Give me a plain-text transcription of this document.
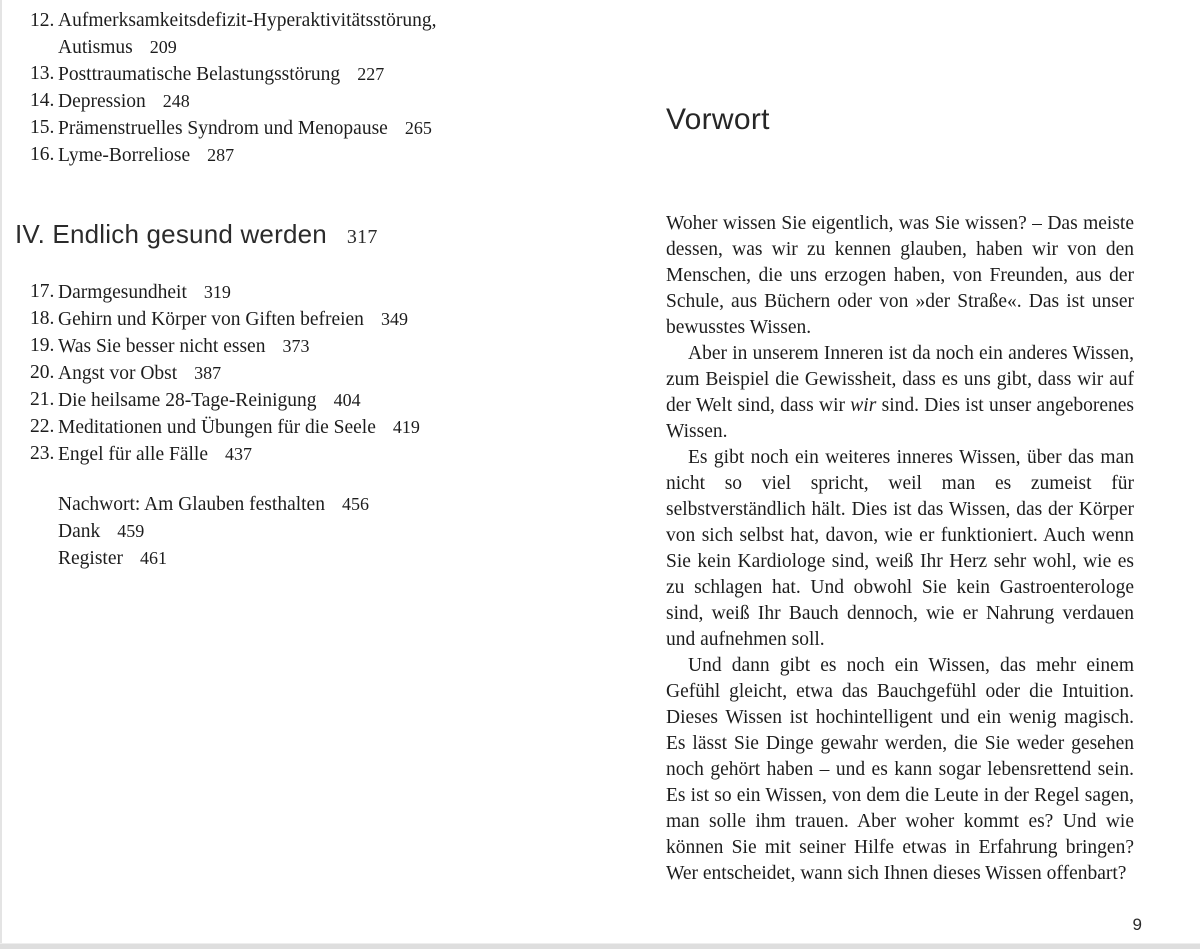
12. Aufmerksamkeitsdefizit-Hyperaktivitätsstörung, Autismus 209
13. Posttraumatische Belastungsstörung 227
14. Depression 248
15. Prämenstruelles Syndrom und Menopause 265
16. Lyme-Borreliose 287
IV. Endlich gesund werden 317
17. Darmgesundheit 319
18. Gehirn und Körper von Giften befreien 349
19. Was Sie besser nicht essen 373
20. Angst vor Obst 387
21. Die heilsame 28-Tage-Reinigung 404
22. Meditationen und Übungen für die Seele 419
23. Engel für alle Fälle 437
Nachwort: Am Glauben festhalten 456
Dank 459
Register 461
Vorwort

Woher wissen Sie eigentlich, was Sie wissen? – Das meiste dessen, was wir zu kennen glauben, haben wir von den Menschen, die uns erzogen haben, von Freunden, aus der Schule, aus Büchern oder von »der Straße«. Das ist unser bewusstes Wissen.

Aber in unserem Inneren ist da noch ein anderes Wissen, zum Beispiel die Gewissheit, dass es uns gibt, dass wir auf der Welt sind, dass wir wir sind. Dies ist unser angeborenes Wissen.

Es gibt noch ein weiteres inneres Wissen, über das man nicht so viel spricht, weil man es zumeist für selbstverständlich hält. Dies ist das Wissen, das der Körper von sich selbst hat, davon, wie er funktioniert. Auch wenn Sie kein Kardiologe sind, weiß Ihr Herz sehr wohl, wie es zu schlagen hat. Und obwohl Sie kein Gastroenterologe sind, weiß Ihr Bauch dennoch, wie er Nahrung verdauen und aufnehmen soll.

Und dann gibt es noch ein Wissen, das mehr einem Gefühl gleicht, etwa das Bauchgefühl oder die Intuition. Dieses Wissen ist hochintelligent und ein wenig magisch. Es lässt Sie Dinge gewahr werden, die Sie weder gesehen noch gehört haben – und es kann sogar lebensrettend sein. Es ist so ein Wissen, von dem die Leute in der Regel sagen, man solle ihm trauen. Aber woher kommt es? Und wie können Sie mit seiner Hilfe etwas in Erfahrung bringen? Wer entscheidet, wann sich Ihnen dieses Wissen offenbart?

9
